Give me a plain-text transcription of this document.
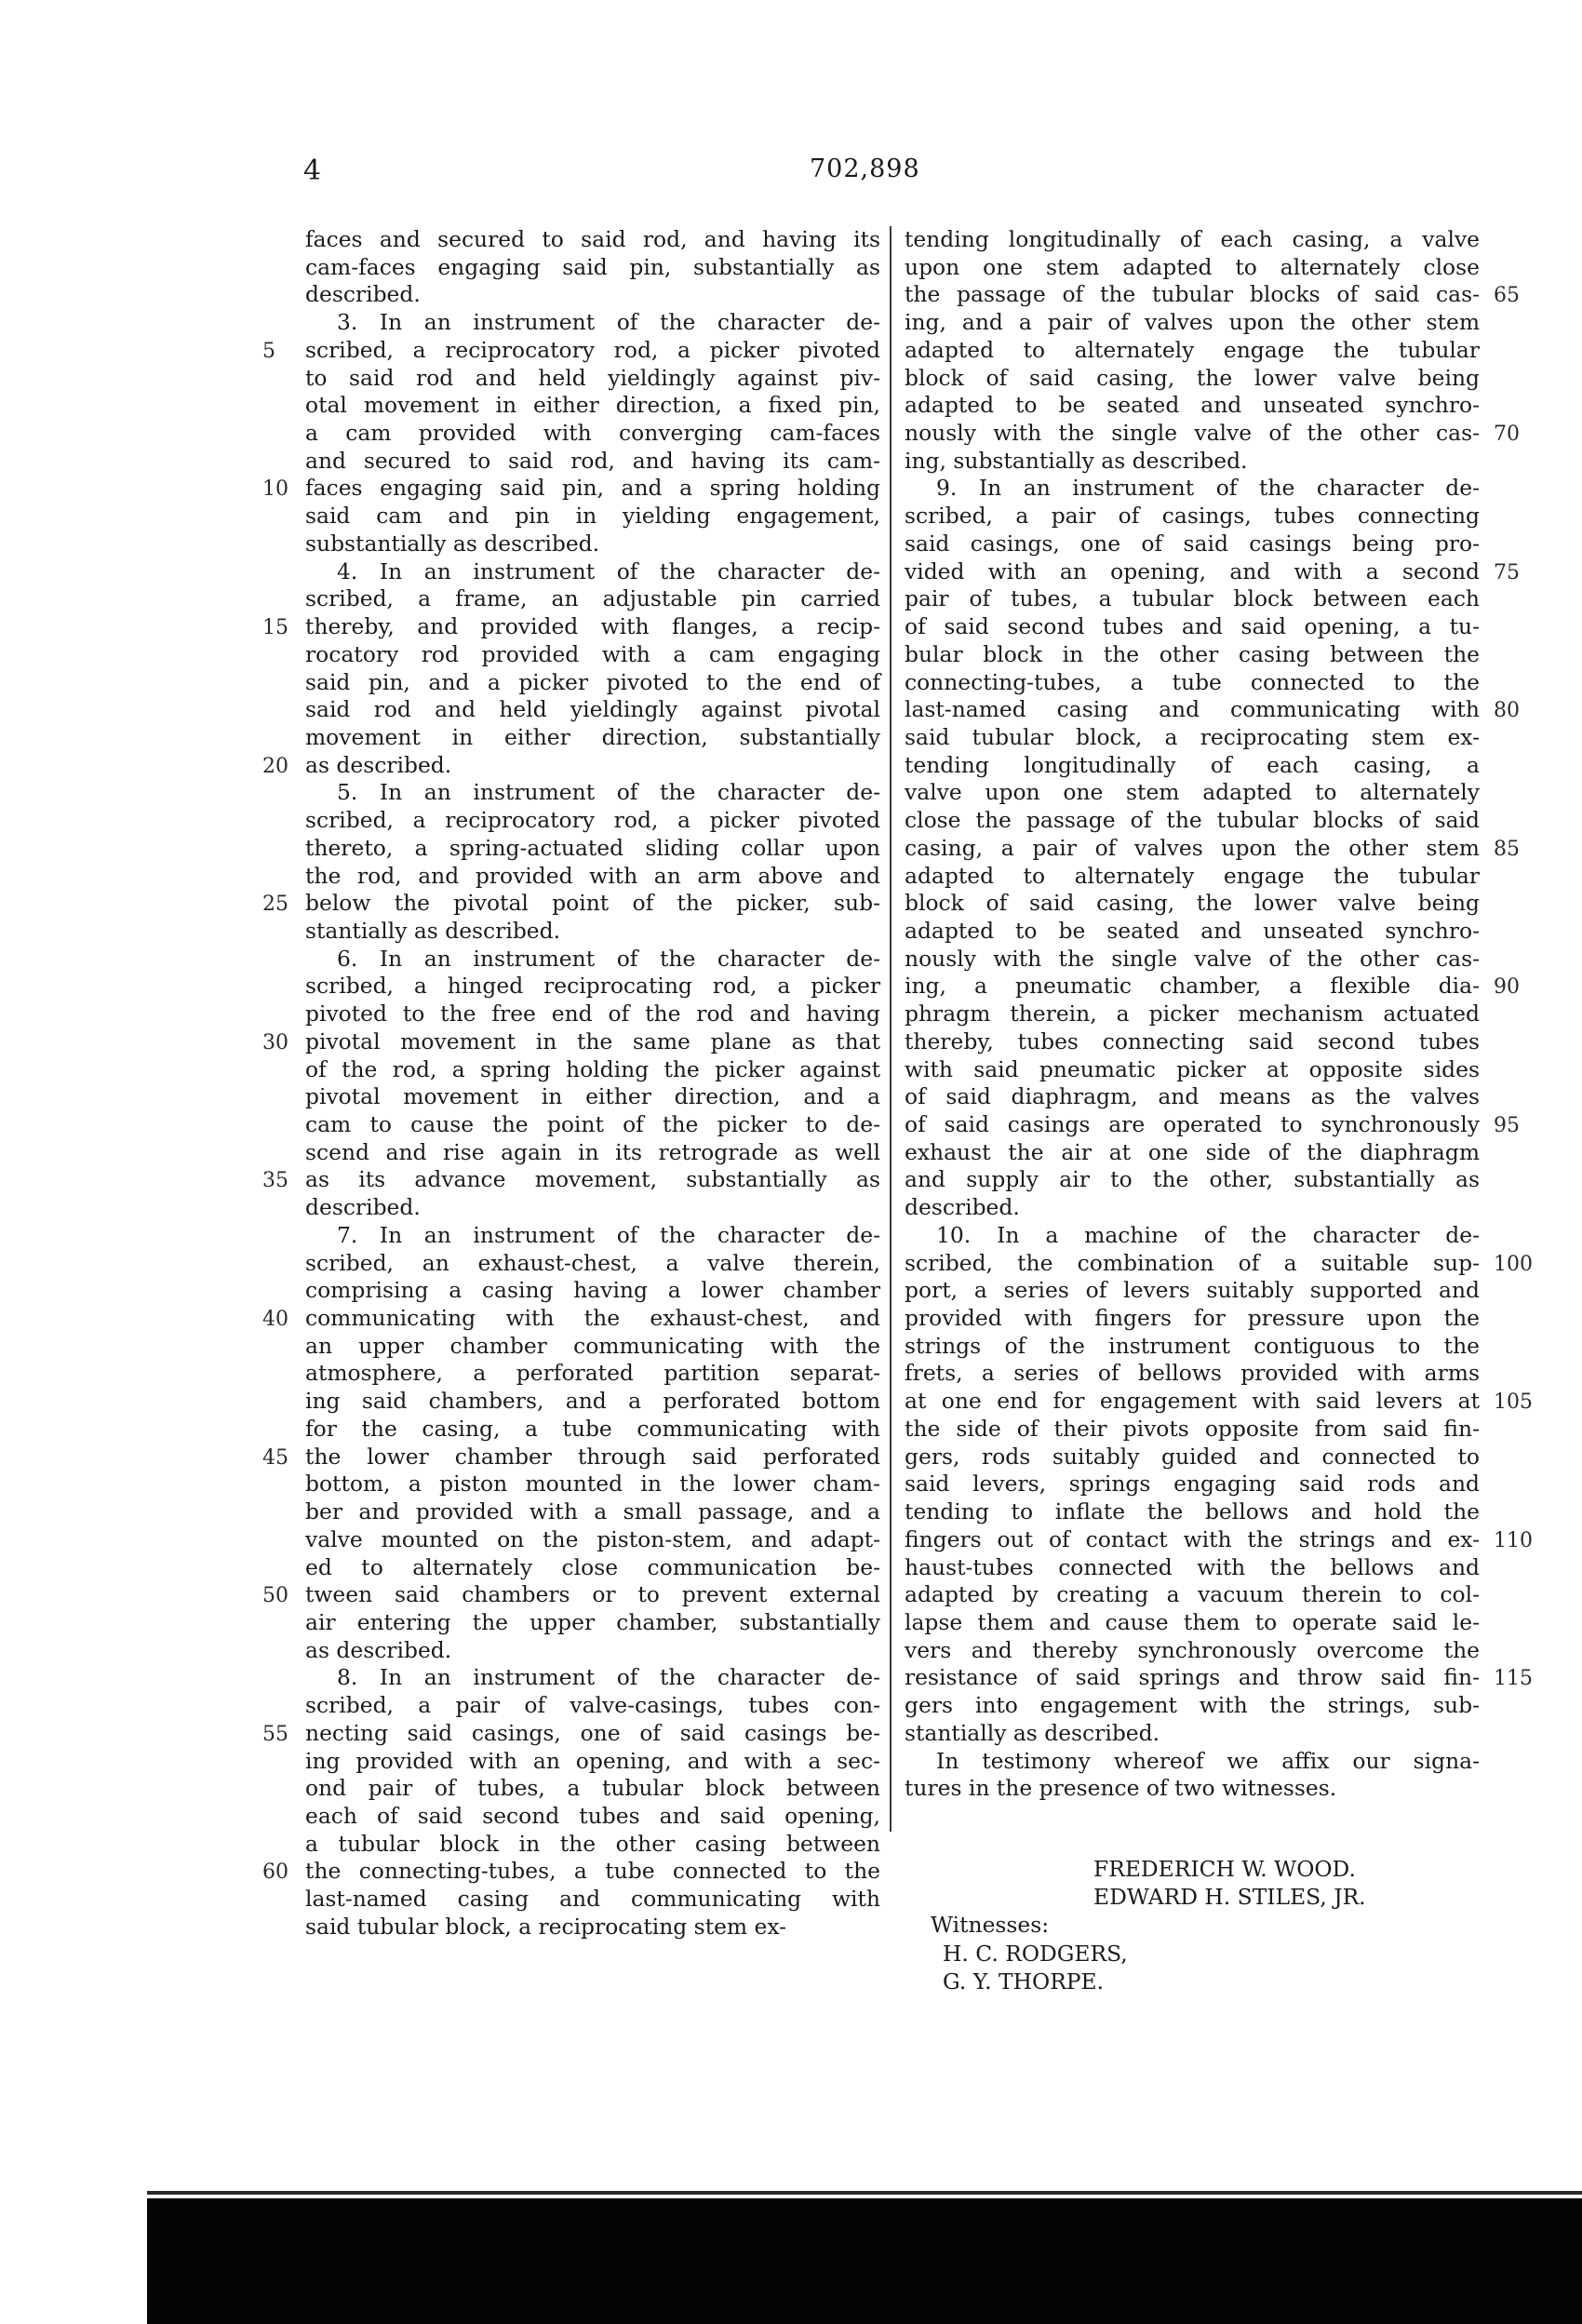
4	702,898
faces and secured to said rod, and having its
cam-faces engaging said pin, substantially as
described.
3. In an instrument of the character de-
scribed, a reciprocatory rod, a picker pivoted
to said rod and held yieldingly against piv-
otal movement in either direction, a fixed pin,
a cam provided with converging cam-faces
and secured to said rod, and having its cam-
faces engaging said pin, and a spring holding
said cam and pin in yielding engagement,
substantially as described.
4. In an instrument of the character de-
scribed, a frame, an adjustable pin carried
thereby, and provided with flanges, a recip-
rocatory rod provided with a cam engaging
said pin, and a picker pivoted to the end of
said rod and held yieldingly against pivotal
movement in either direction, substantially
as described.
5. In an instrument of the character de-
scribed, a reciprocatory rod, a picker pivoted
thereto, a spring-actuated sliding collar upon
the rod, and provided with an arm above and
below the pivotal point of the picker, sub-
stantially as described.
6. In an instrument of the character de-
scribed, a hinged reciprocating rod, a picker
pivoted to the free end of the rod and having
pivotal movement in the same plane as that
of the rod, a spring holding the picker against
pivotal movement in either direction, and a
cam to cause the point of the picker to de-
scend and rise again in its retrograde as well
as its advance movement, substantially as
described.
7. In an instrument of the character de-
scribed, an exhaust-chest, a valve therein,
comprising a casing having a lower chamber
communicating with the exhaust-chest, and
an upper chamber communicating with the
atmosphere, a perforated partition separat-
ing said chambers, and a perforated bottom
for the casing, a tube communicating with
the lower chamber through said perforated
bottom, a piston mounted in the lower cham-
ber and provided with a small passage, and a
valve mounted on the piston-stem, and adapt-
ed to alternately close communication be-
tween said chambers or to prevent external
air entering the upper chamber, substantially
as described.
8. In an instrument of the character de-
scribed, a pair of valve-casings, tubes con-
necting said casings, one of said casings be-
ing provided with an opening, and with a sec-
ond pair of tubes, a tubular block between
each of said second tubes and said opening,
a tubular block in the other casing between
the connecting-tubes, a tube connected to the
last-named casing and communicating with
said tubular block, a reciprocating stem ex-
tending longitudinally of each casing, a valve
upon one stem adapted to alternately close
the passage of the tubular blocks of said cas-
ing, and a pair of valves upon the other stem
adapted to alternately engage the tubular
block of said casing, the lower valve being
adapted to be seated and unseated synchro-
nously with the single valve of the other cas-
ing, substantially as described.
9. In an instrument of the character de-
scribed, a pair of casings, tubes connecting
said casings, one of said casings being pro-
vided with an opening, and with a second
pair of tubes, a tubular block between each
of said second tubes and said opening, a tu-
bular block in the other casing between the
connecting-tubes, a tube connected to the
last-named casing and communicating with
said tubular block, a reciprocating stem ex-
tending longitudinally of each casing, a
valve upon one stem adapted to alternately
close the passage of the tubular blocks of said
casing, a pair of valves upon the other stem
adapted to alternately engage the tubular
block of said casing, the lower valve being
adapted to be seated and unseated synchro-
nously with the single valve of the other cas-
ing, a pneumatic chamber, a flexible dia-
phragm therein, a picker mechanism actuated
thereby, tubes connecting said second tubes
with said pneumatic picker at opposite sides
of said diaphragm, and means as the valves
of said casings are operated to synchronously
exhaust the air at one side of the diaphragm
and supply air to the other, substantially as
described.
10. In a machine of the character de-
scribed, the combination of a suitable sup-
port, a series of levers suitably supported and
provided with fingers for pressure upon the
strings of the instrument contiguous to the
frets, a series of bellows provided with arms
at one end for engagement with said levers at
the side of their pivots opposite from said fin-
gers, rods suitably guided and connected to
said levers, springs engaging said rods and
tending to inflate the bellows and hold the
fingers out of contact with the strings and ex-
haust-tubes connected with the bellows and
adapted by creating a vacuum therein to col-
lapse them and cause them to operate said le-
vers and thereby synchronously overcome the
resistance of said springs and throw said fin-
gers into engagement with the strings, sub-
stantially as described.
In testimony whereof we affix our signa-
tures in the presence of two witnesses.
5
10
15
20
25
30
35
40
45
50
55
60
65
70
75
80
85
90
95
100
105
110
115
FREDERICH W. WOOD.
EDWARD H. STILES, JR.
Witnesses:
H. C. RODGERS,
G. Y. THORPE.
